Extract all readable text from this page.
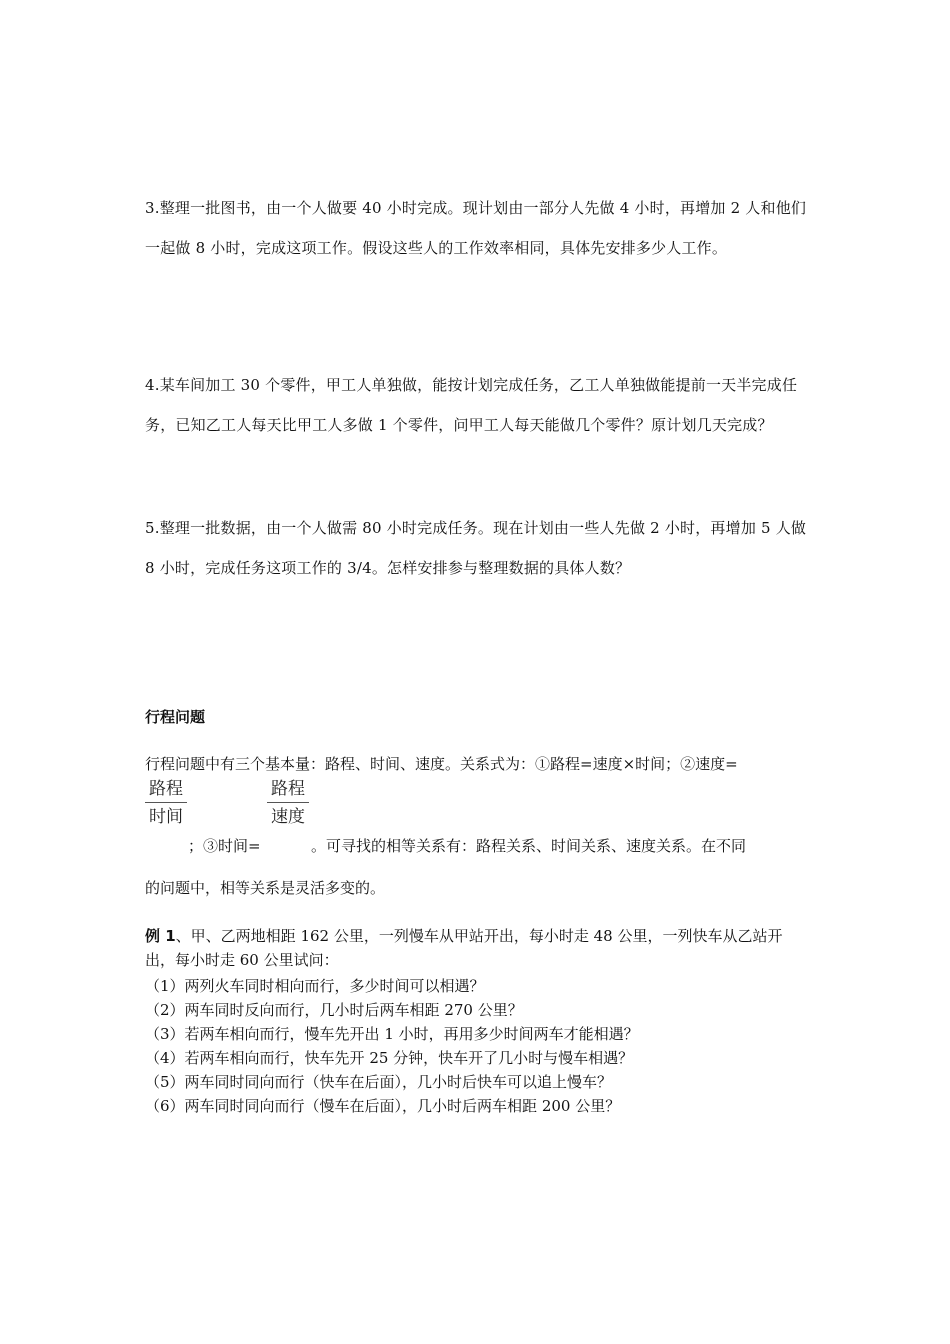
3.整理一批图书，由一个人做要 40 小时完成。现计划由一部分人先做 4 小时，再增加 2 人和他们一起做 8 小时，完成这项工作。假设这些人的工作效率相同，具体先安排多少人工作。
4.某车间加工 30 个零件，甲工人单独做，能按计划完成任务，乙工人单独做能提前一天半完成任务，已知乙工人每天比甲工人多做 1 个零件，问甲工人每天能做几个零件？原计划几天完成？
5.整理一批数据，由一个人做需 80 小时完成任务。现在计划由一些人先做 2 小时，再增加 5 人做 8 小时，完成任务这项工作的 3/4。怎样安排参与整理数据的具体人数？
行程问题
行程问题中有三个基本量：路程、时间、速度。关系式为：①路程=速度×时间；②速度=
路程
时间
路程
速度
；③时间=	。可寻找的相等关系有：路程关系、时间关系、速度关系。在不同
的问题中，相等关系是灵活多变的。
例 1、甲、乙两地相距 162 公里，一列慢车从甲站开出，每小时走 48 公里，一列快车从乙站开出，每小时走 60 公里试问：
（1）两列火车同时相向而行，多少时间可以相遇？
（2）两车同时反向而行，几小时后两车相距 270 公里？
（3）若两车相向而行，慢车先开出 1 小时，再用多少时间两车才能相遇？
（4）若两车相向而行，快车先开 25 分钟，快车开了几小时与慢车相遇？
（5）两车同时同向而行（快车在后面），几小时后快车可以追上慢车？
（6）两车同时同向而行（慢车在后面），几小时后两车相距 200 公里？
